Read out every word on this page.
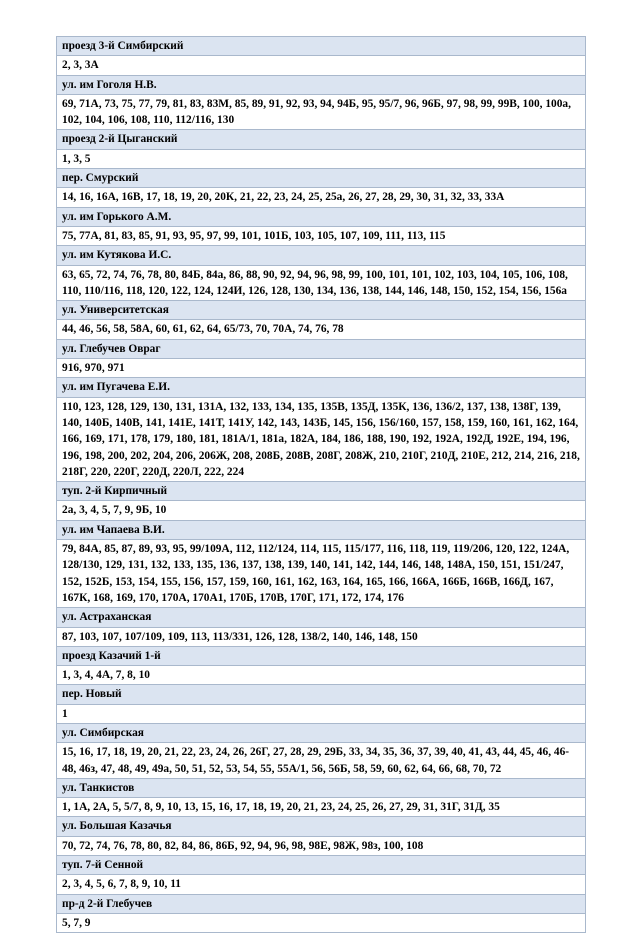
проезд 3-й Симбирский
2, 3, 3А
ул. им Гоголя Н.В.
69, 71А, 73, 75, 77, 79, 81, 83, 83М, 85, 89, 91, 92, 93, 94, 94Б, 95, 95/7, 96, 96Б, 97, 98, 99, 99В, 100, 100а, 102, 104, 106, 108, 110, 112/116, 130
проезд 2-й Цыганский
1, 3, 5
пер. Смурский
14, 16, 16А, 16В, 17, 18, 19, 20, 20К, 21, 22, 23, 24, 25, 25а, 26, 27, 28, 29, 30, 31, 32, 33, 33А
ул. им Горького А.М.
75, 77А, 81, 83, 85, 91, 93, 95, 97, 99, 101, 101Б, 103, 105, 107, 109, 111, 113, 115
ул. им Кутякова И.С.
63, 65, 72, 74, 76, 78, 80, 84Б, 84а, 86, 88, 90, 92, 94, 96, 98, 99, 100, 101, 101, 102, 103, 104, 105, 106, 108, 110, 110/116, 118, 120, 122, 124, 124И, 126, 128, 130, 134, 136, 138, 144, 146, 148, 150, 152, 154, 156, 156а
ул. Университетская
44, 46, 56, 58, 58А, 60, 61, 62, 64, 65/73, 70, 70А, 74, 76, 78
ул. Глебучев Овраг
916, 970, 971
ул. им Пугачева Е.И.
110, 123, 128, 129, 130, 131, 131А, 132, 133, 134, 135, 135В, 135Д, 135К, 136, 136/2, 137, 138, 138Г, 139, 140, 140Б, 140В, 141, 141Е, 141Т, 141У, 142, 143, 143Б, 145, 156, 156/160, 157, 158, 159, 160, 161, 162, 164, 166, 169, 171, 178, 179, 180, 181, 181А/1, 181а, 182А, 184, 186, 188, 190, 192, 192А, 192Д, 192Е, 194, 196, 196, 198, 200, 202, 204, 206, 206Ж, 208, 208Б, 208В, 208Г, 208Ж, 210, 210Г, 210Д, 210Е, 212, 214, 216, 218, 218Г, 220, 220Г, 220Д, 220Л, 222, 224
туп. 2-й Кирпичный
2а, 3, 4, 5, 7, 9, 9Б, 10
ул. им Чапаева В.И.
79, 84А, 85, 87, 89, 93, 95, 99/109А, 112, 112/124, 114, 115, 115/177, 116, 118, 119, 119/206, 120, 122, 124А, 128/130, 129, 131, 132, 133, 135, 136, 137, 138, 139, 140, 141, 142, 144, 146, 148, 148А, 150, 151, 151/247, 152, 152Б, 153, 154, 155, 156, 157, 159, 160, 161, 162, 163, 164, 165, 166, 166А, 166Б, 166В, 166Д, 167, 167К, 168, 169, 170, 170А, 170А1, 170Б, 170В, 170Г, 171, 172, 174, 176
ул. Астраханская
87, 103, 107, 107/109, 109, 113, 113/331, 126, 128, 138/2, 140, 146, 148, 150
проезд Казачий 1-й
1, 3, 4, 4А, 7, 8, 10
пер. Новый
1
ул. Симбирская
15, 16, 17, 18, 19, 20, 21, 22, 23, 24, 26, 26Г, 27, 28, 29, 29Б, 33, 34, 35, 36, 37, 39, 40, 41, 43, 44, 45, 46, 46-48, 46з, 47, 48, 49, 49а, 50, 51, 52, 53, 54, 55, 55А/1, 56, 56Б, 58, 59, 60, 62, 64, 66, 68, 70, 72
ул. Танкистов
1, 1А, 2А, 5, 5/7, 8, 9, 10, 13, 15, 16, 17, 18, 19, 20, 21, 23, 24, 25, 26, 27, 29, 31, 31Г, 31Д, 35
ул. Большая Казачья
70, 72, 74, 76, 78, 80, 82, 84, 86, 86Б, 92, 94, 96, 98, 98Е, 98Ж, 98з, 100, 108
туп. 7-й Сенной
2, 3, 4, 5, 6, 7, 8, 9, 10, 11
пр-д 2-й Глебучев
5, 7, 9
